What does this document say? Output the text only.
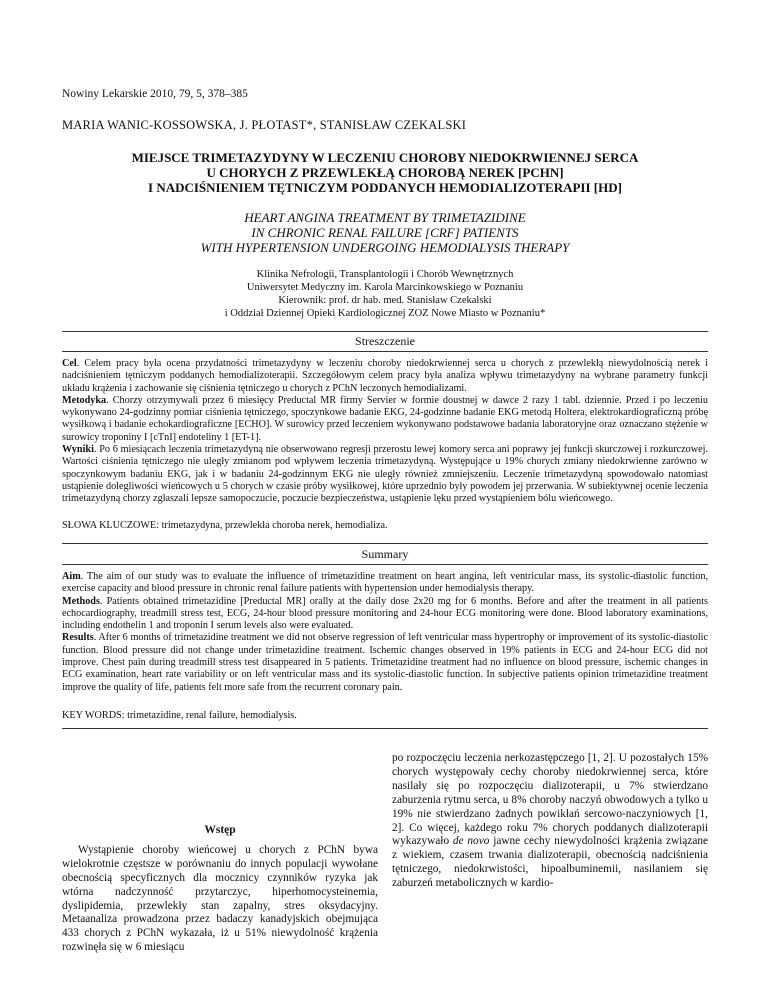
Nowiny Lekarskie 2010, 79, 5, 378–385
MARIA WANIC-KOSSOWSKA, J. PŁOTAST*, STANISŁAW CZEKALSKI
MIEJSCE TRIMETAZYDYNY W LECZENIU CHOROBY NIEDOKRWIENNEJ SERCA
U CHORYCH Z PRZEWLEKŁĄ CHOROBĄ NEREK [PCHN]
I NADCIŚNIENIEM TĘTNICZYM PODDANYCH HEMODIALIZOTERAPII [HD]
HEART ANGINA TREATMENT BY TRIMETAZIDINE
IN CHRONIC RENAL FAILURE [CRF] PATIENTS
WITH HYPERTENSION UNDERGOING HEMODIALYSIS THERAPY
Klinika Nefrologii, Transplantologii i Chorób Wewnętrznych
Uniwersytet Medyczny im. Karola Marcinkowskiego w Poznaniu
Kierownik: prof. dr hab. med. Stanisław Czekalski
i Oddział Dziennej Opieki Kardiologicznej ZOZ Nowe Miasto w Poznaniu*
Streszczenie

Cel. Celem pracy była ocena przydatności trimetazydyny w leczeniu choroby niedokrwiennej serca u chorych z przewlekłą niewydolnością nerek i nadciśnieniem tętniczym poddanych hemodializoterapii. Szczegółowym celem pracy była analiza wpływu trimetazydyny na wybrane parametry funkcji układu krążenia i zachowanie się ciśnienia tętniczego u chorych z PChN leczonych hemodializami.

Metodyka. Chorzy otrzymywali przez 6 miesięcy Preductal MR firmy Servier w formie doustnej w dawce 2 razy 1 tabl. dziennie. Przed i po leczeniu wykonywano 24-godzinny pomiar ciśnienia tętniczego, spoczynkowe badanie EKG, 24-godzinne badanie EKG metodą Holtera, elektrokardiograficzną próbę wysiłkową i badanie echokardiograficzne [ECHO]. W surowicy przed leczeniem wykonywano podstawowe badania laboratoryjne oraz oznaczano stężenie w surowicy troponiny I [cTnI] endoteliny 1 [ET-1].

Wyniki. Po 6 miesiącach leczenia trimetazydyną nie obserwowano regresji przerostu lewej komory serca ani poprawy jej funkcji skurczowej i rozkurczowej. Wartości ciśnienia tętniczego nie uległy zmianom pod wpływem leczenia trimetazydyną. Występujące u 19% chorych zmiany niedokrwienne zarówno w spoczynkowym badaniu EKG, jak i w badaniu 24-godzinnym EKG nie uległy również zmniejszeniu. Leczenie trimetazydyną spowodowało natomiast ustąpienie dolegliwości wieńcowych u 5 chorych w czasie próby wysiłkowej, które uprzednio były powodem jej przerwania. W subiektywnej ocenie leczenia trimetazydyną chorzy zgłaszali lepsze samopoczucie, poczucie bezpieczeństwa, ustąpienie lęku przed wystąpieniem bólu wieńcowego.

SŁOWA KLUCZOWE: trimetazydyna, przewlekła choroba nerek, hemodializa.
Summary

Aim. The aim of our study was to evaluate the influence of trimetazidine treatment on heart angina, left ventricular mass, its systolic-diastolic function, exercise capacity and blood pressure in chronic renal failure patients with hypertension under hemodialysis therapy.

Methods. Patients obtained trimetazidine [Preductal MR] orally at the daily dose 2x20 mg for 6 months. Before and after the treatment in all patients echocardiography, treadmill stress test, ECG, 24-hour blood pressure monitoring and 24-hour ECG monitoring were done. Blood laboratory examinations, including endothelin 1 and troponin I serum levels also were evaluated.

Results. After 6 months of trimetazidine treatment we did not observe regression of left ventricular mass hypertrophy or improvement of its systolic-diastolic function. Blood pressure did not change under trimetazidine treatment. Ischemic changes observed in 19% patients in ECG and 24-hour ECG did not improve. Chest pain during treadmill stress test disappeared in 5 patients. Trimetazidine treatment had no influence on blood pressure, ischemic changes in ECG examination, heart rate variability or on left ventricular mass and its systolic-diastolic function. In subjective patients opinion trimetazidine treatment improve the quality of life, patients felt more safe from the recurrent coronary pain.

KEY WORDS: trimetazidine, renal failure, hemodialysis.
Wstęp

Wystąpienie choroby wieńcowej u chorych z PChN bywa wielokrotnie częstsze w porównaniu do innych populacji wywołane obecnością specyficznych dla mocznicy czynników ryzyka jak wtórna nadczynność przytarczyc, hiperhomocysteinemia, dyslipidemia, przewlekły stan zapalny, stres oksydacyjny. Metaanaliza prowadzona przez badaczy kanadyjskich obejmująca 433 chorych z PChN wykazała, iż u 51% niewydolność krążenia rozwinęła się w 6 miesiącu

po rozpoczęciu leczenia nerkozastępczego [1, 2]. U pozostałych 15% chorych występowały cechy choroby niedokrwiennej serca, które nasilały się po rozpoczęciu dializoterapii, u 7% stwierdzano zaburzenia rytmu serca, u 8% choroby naczyń obwodowych a tylko u 19% nie stwierdzano żadnych powikłań sercowo-naczyniowych [1, 2]. Co więcej, każdego roku 7% chorych poddanych dializoterapii wykazywało de novo jawne cechy niewydolności krążenia związane z wiekiem, czasem trwania dializoterapii, obecnością nadciśnienia tętniczego, niedokrwistości, hipoalbuminemii, nasilaniem się zaburzeń metabolicznych w kardio-
